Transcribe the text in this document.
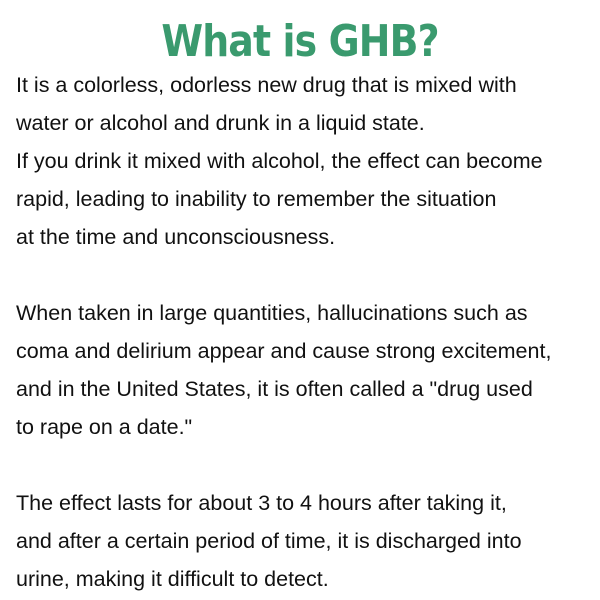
What is GHB?
It is a colorless, odorless new drug that is mixed with
water or alcohol and drunk in a liquid state.
If you drink it mixed with alcohol, the effect can become
rapid, leading to inability to remember the situation
at the time and unconsciousness.
When taken in large quantities, hallucinations such as
coma and delirium appear and cause strong excitement,
and in the United States, it is often called a "drug used
to rape on a date."
The effect lasts for about 3 to 4 hours after taking it,
and after a certain period of time, it is discharged into
urine, making it difficult to detect.
